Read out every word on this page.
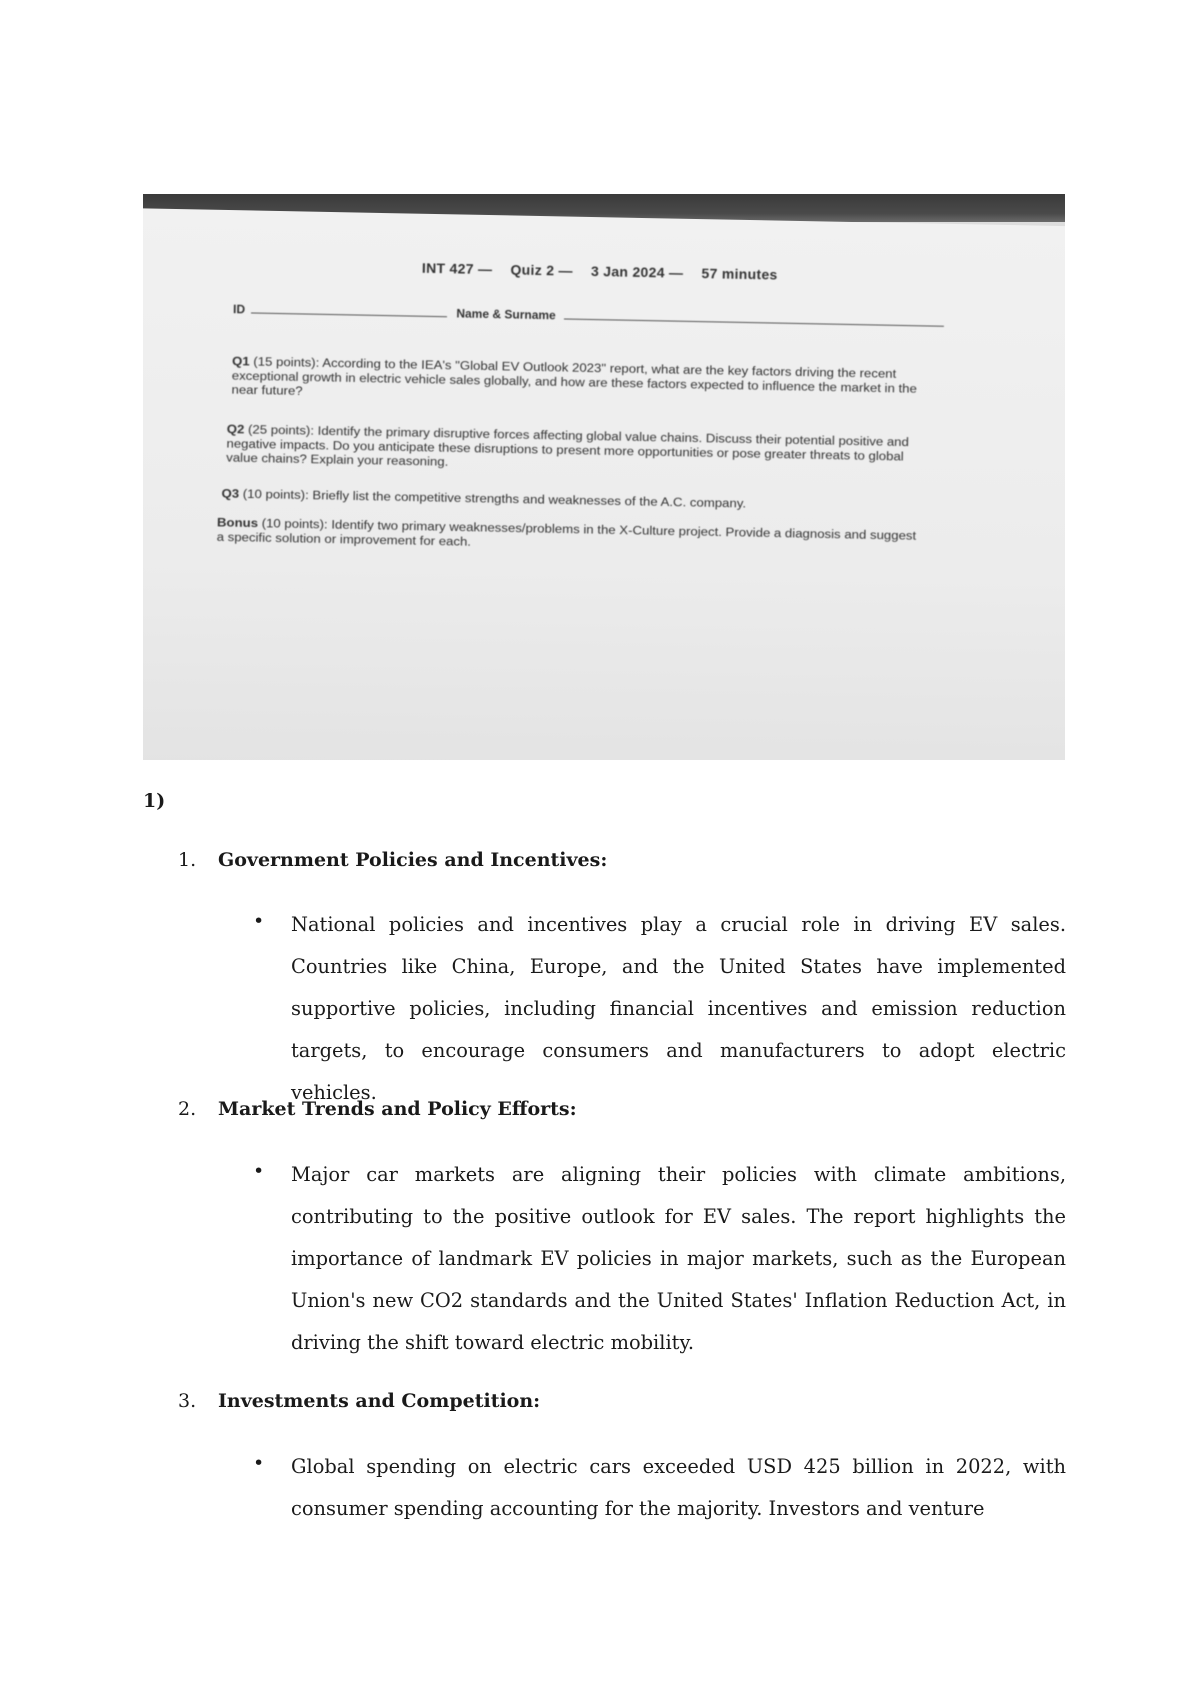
INT 427 — Quiz 2 — 3 Jan 2024 — 57 minutes
ID	Name & Surname
Q1 (15 points): According to the IEA's "Global EV Outlook 2023" report, what are the key factors driving the recent exceptional growth in electric vehicle sales globally, and how are these factors expected to influence the market in the near future?
Q2 (25 points): Identify the primary disruptive forces affecting global value chains. Discuss their potential positive and negative impacts. Do you anticipate these disruptions to present more opportunities or pose greater threats to global value chains? Explain your reasoning.
Q3 (10 points): Briefly list the competitive strengths and weaknesses of the A.C. company.
Bonus (10 points): Identify two primary weaknesses/problems in the X-Culture project. Provide a diagnosis and suggest a specific solution or improvement for each.
1)
1. Government Policies and Incentives:
• National policies and incentives play a crucial role in driving EV sales. Countries like China, Europe, and the United States have implemented supportive policies, including financial incentives and emission reduction targets, to encourage consumers and manufacturers to adopt electric vehicles.
2. Market Trends and Policy Efforts:
• Major car markets are aligning their policies with climate ambitions, contributing to the positive outlook for EV sales. The report highlights the importance of landmark EV policies in major markets, such as the European Union's new CO2 standards and the United States' Inflation Reduction Act, in driving the shift toward electric mobility.
3. Investments and Competition:
• Global spending on electric cars exceeded USD 425 billion in 2022, with consumer spending accounting for the majority. Investors and venture
